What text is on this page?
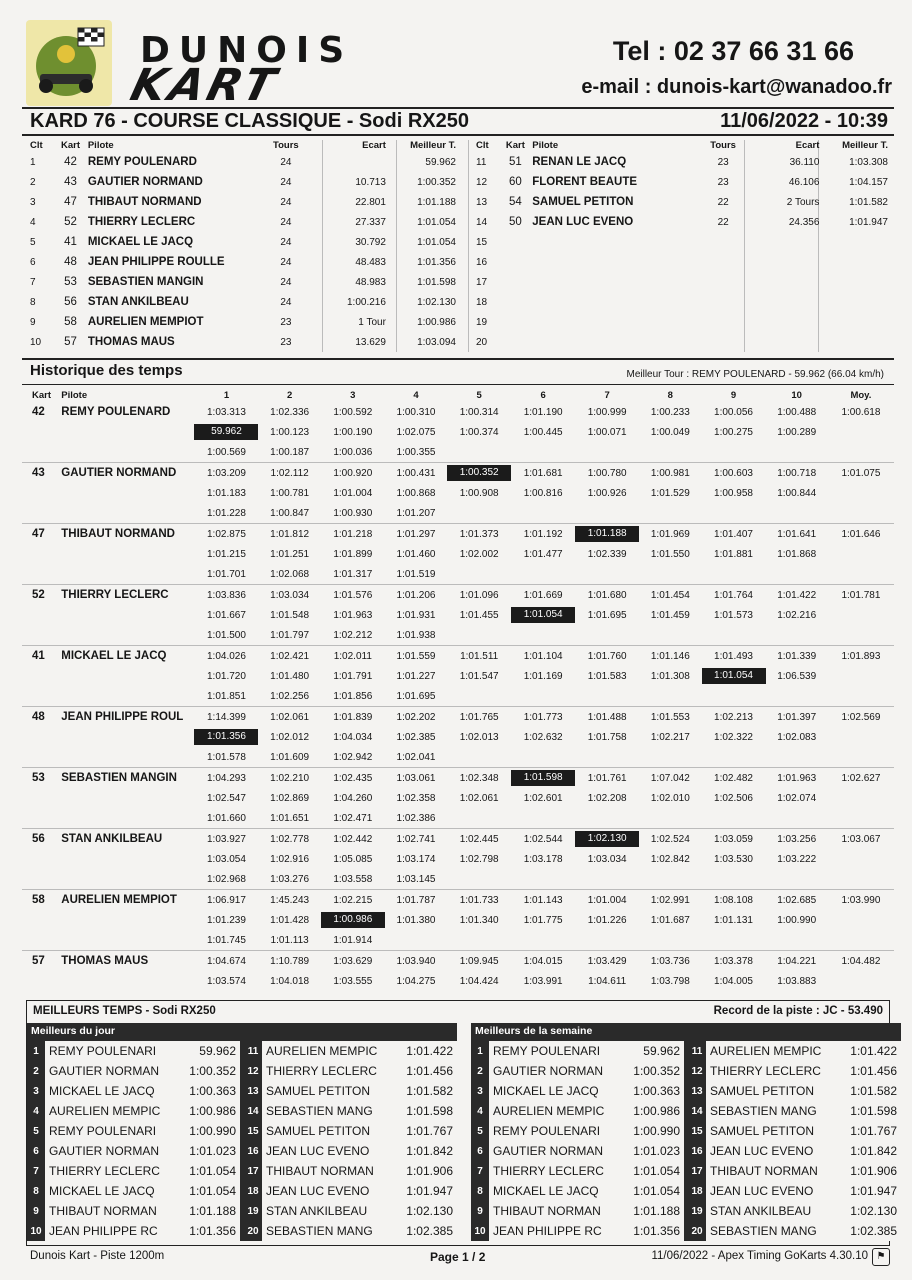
DUNOIS
KART
Tel : 02 37 66 31 66
e-mail : dunois-kart@wanadoo.fr
KARD 76 - COURSE CLASSIQUE - Sodi RX250	11/06/2022 - 10:39
Clt	Kart	Pilote	Tours	Ecart	Meilleur T.
1	42	REMY POULENARD	24		59.962
2	43	GAUTIER NORMAND	24	10.713	1:00.352
3	47	THIBAUT NORMAND	24	22.801	1:01.188
4	52	THIERRY LECLERC	24	27.337	1:01.054
5	41	MICKAEL LE JACQ	24	30.792	1:01.054
6	48	JEAN PHILIPPE ROULLE	24	48.483	1:01.356
7	53	SEBASTIEN MANGIN	24	48.983	1:01.598
8	56	STAN ANKILBEAU	24	1:00.216	1:02.130
9	58	AURELIEN MEMPIOT	23	1 Tour	1:00.986
10	57	THOMAS MAUS	23	13.629	1:03.094
Clt	Kart	Pilote	Tours	Ecart	Meilleur T.
11	51	RENAN LE JACQ	23	36.110	1:03.308
12	60	FLORENT BEAUTE	23	46.106	1:04.157
13	54	SAMUEL PETITON	22	2 Tours	1:01.582
14	50	JEAN LUC EVENO	22	24.356	1:01.947
15					
16					
17					
18					
19					
20					
Historique des temps	Meilleur Tour : REMY POULENARD - 59.962 (66.04 km/h)
Kart	Pilote	1	2	3	4	5	6	7	8	9	10	Moy.
42	REMY POULENARD	1:03.313	1:02.336	1:00.592	1:00.310	1:00.314	1:01.190	1:00.999	1:00.233	1:00.056	1:00.488	1:00.618
		59.962	1:00.123	1:00.190	1:02.075	1:00.374	1:00.445	1:00.071	1:00.049	1:00.275	1:00.289	
		1:00.569	1:00.187	1:00.036	1:00.355							

43	GAUTIER NORMAND	1:03.209	1:02.112	1:00.920	1:00.431	1:00.352	1:01.681	1:00.780	1:00.981	1:00.603	1:00.718	1:01.075
		1:01.183	1:00.781	1:01.004	1:00.868	1:00.908	1:00.816	1:00.926	1:01.529	1:00.958	1:00.844	
		1:01.228	1:00.847	1:00.930	1:01.207							

47	THIBAUT NORMAND	1:02.875	1:01.812	1:01.218	1:01.297	1:01.373	1:01.192	1:01.188	1:01.969	1:01.407	1:01.641	1:01.646
		1:01.215	1:01.251	1:01.899	1:01.460	1:02.002	1:01.477	1:02.339	1:01.550	1:01.881	1:01.868	
		1:01.701	1:02.068	1:01.317	1:01.519							

52	THIERRY LECLERC	1:03.836	1:03.034	1:01.576	1:01.206	1:01.096	1:01.669	1:01.680	1:01.454	1:01.764	1:01.422	1:01.781
		1:01.667	1:01.548	1:01.963	1:01.931	1:01.455	1:01.054	1:01.695	1:01.459	1:01.573	1:02.216	
		1:01.500	1:01.797	1:02.212	1:01.938							

41	MICKAEL LE JACQ	1:04.026	1:02.421	1:02.011	1:01.559	1:01.511	1:01.104	1:01.760	1:01.146	1:01.493	1:01.339	1:01.893
		1:01.720	1:01.480	1:01.791	1:01.227	1:01.547	1:01.169	1:01.583	1:01.308	1:01.054	1:06.539	
		1:01.851	1:02.256	1:01.856	1:01.695							

48	JEAN PHILIPPE ROUL	1:14.399	1:02.061	1:01.839	1:02.202	1:01.765	1:01.773	1:01.488	1:01.553	1:02.213	1:01.397	1:02.569
		1:01.356	1:02.012	1:04.034	1:02.385	1:02.013	1:02.632	1:01.758	1:02.217	1:02.322	1:02.083	
		1:01.578	1:01.609	1:02.942	1:02.041							

53	SEBASTIEN MANGIN	1:04.293	1:02.210	1:02.435	1:03.061	1:02.348	1:01.598	1:01.761	1:07.042	1:02.482	1:01.963	1:02.627
		1:02.547	1:02.869	1:04.260	1:02.358	1:02.061	1:02.601	1:02.208	1:02.010	1:02.506	1:02.074	
		1:01.660	1:01.651	1:02.471	1:02.386							

56	STAN ANKILBEAU	1:03.927	1:02.778	1:02.442	1:02.741	1:02.445	1:02.544	1:02.130	1:02.524	1:03.059	1:03.256	1:03.067
		1:03.054	1:02.916	1:05.085	1:03.174	1:02.798	1:03.178	1:03.034	1:02.842	1:03.530	1:03.222	
		1:02.968	1:03.276	1:03.558	1:03.145							

58	AURELIEN MEMPIOT	1:06.917	1:45.243	1:02.215	1:01.787	1:01.733	1:01.143	1:01.004	1:02.991	1:08.108	1:02.685	1:03.990
		1:01.239	1:01.428	1:00.986	1:01.380	1:01.340	1:01.775	1:01.226	1:01.687	1:01.131	1:00.990	
		1:01.745	1:01.113	1:01.914								

57	THOMAS MAUS	1:04.674	1:10.789	1:03.629	1:03.940	1:09.945	1:04.015	1:03.429	1:03.736	1:03.378	1:04.221	1:04.482
		1:03.574	1:04.018	1:03.555	1:04.275	1:04.424	1:03.991	1:04.611	1:03.798	1:04.005	1:03.883	
MEILLEURS TEMPS - Sodi RX250	Record de la piste : JC - 53.490
Meilleurs du jour
1 REMY POULENARI	59.962
2 GAUTIER NORMAN	1:00.352
3 MICKAEL LE JACQ	1:00.363
4 AURELIEN MEMPIC	1:00.986
5 REMY POULENARI	1:00.990
6 GAUTIER NORMAN	1:01.023
7 THIERRY LECLERC	1:01.054
8 MICKAEL LE JACQ	1:01.054
9 THIBAUT NORMAN	1:01.188
10 JEAN PHILIPPE RC	1:01.356
11 AURELIEN MEMPIC	1:01.422
12 THIERRY LECLERC	1:01.456
13 SAMUEL PETITON	1:01.582
14 SEBASTIEN MANG	1:01.598
15 SAMUEL PETITON	1:01.767
16 JEAN LUC EVENO	1:01.842
17 THIBAUT NORMAN	1:01.906
18 JEAN LUC EVENO	1:01.947
19 STAN ANKILBEAU	1:02.130
20 SEBASTIEN MANG	1:02.385
Meilleurs de la semaine
1 REMY POULENARI	59.962
2 GAUTIER NORMAN	1:00.352
3 MICKAEL LE JACQ	1:00.363
4 AURELIEN MEMPIC	1:00.986
5 REMY POULENARI	1:00.990
6 GAUTIER NORMAN	1:01.023
7 THIERRY LECLERC	1:01.054
8 MICKAEL LE JACQ	1:01.054
9 THIBAUT NORMAN	1:01.188
10 JEAN PHILIPPE RC	1:01.356
11 AURELIEN MEMPIC	1:01.422
12 THIERRY LECLERC	1:01.456
13 SAMUEL PETITON	1:01.582
14 SEBASTIEN MANG	1:01.598
15 SAMUEL PETITON	1:01.767
16 JEAN LUC EVENO	1:01.842
17 THIBAUT NORMAN	1:01.906
18 JEAN LUC EVENO	1:01.947
19 STAN ANKILBEAU	1:02.130
20 SEBASTIEN MANG	1:02.385
Dunois Kart - Piste 1200m	Page 1 / 2	11/06/2022 - Apex Timing GoKarts 4.30.10 ⚑
